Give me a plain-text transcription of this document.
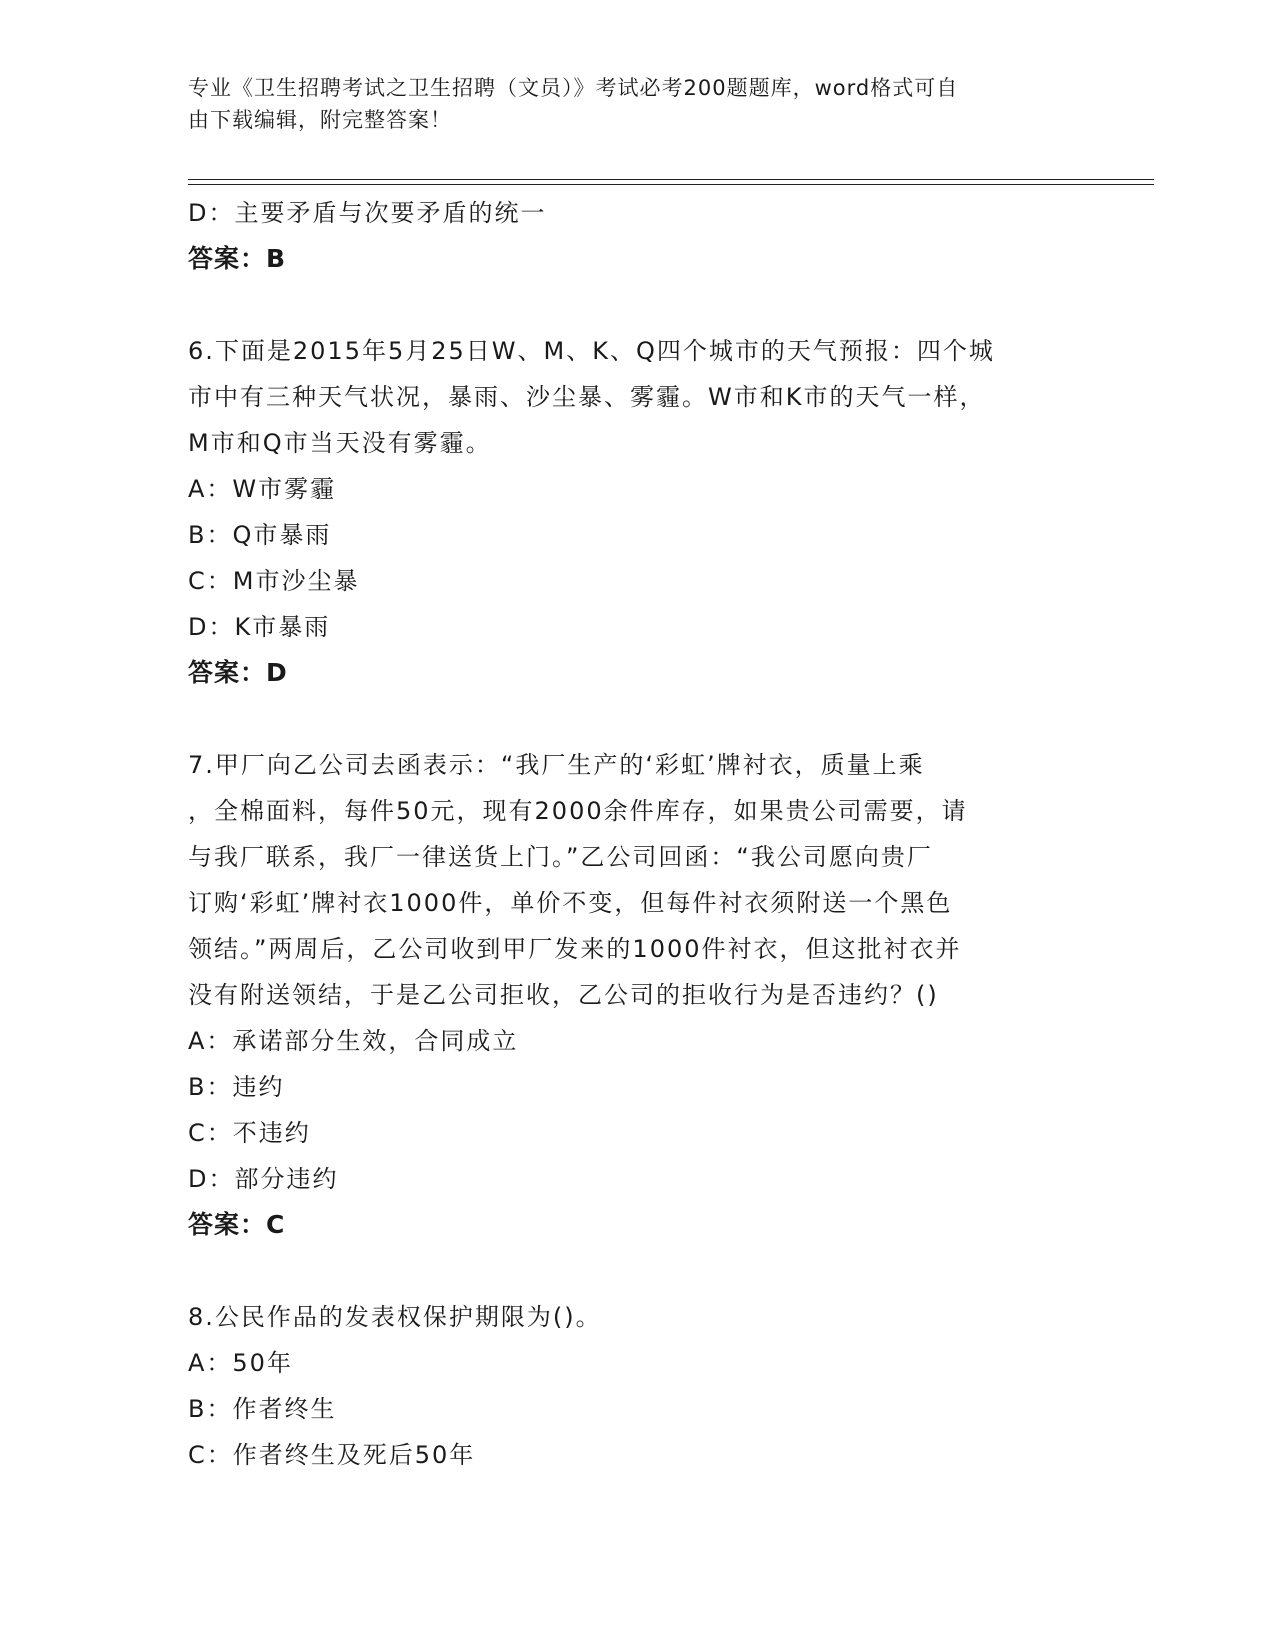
专业《卫生招聘考试之卫生招聘（文员）》考试必考200题题库，word格式可自
由下载编辑，附完整答案！
D：主要矛盾与次要矛盾的统一
答案：B
6.下面是2015年5月25日W、M、K、Q四个城市的天气预报：四个城
市中有三种天气状况，暴雨、沙尘暴、雾霾。W市和K市的天气一样，
M市和Q市当天没有雾霾。
A：W市雾霾
B：Q市暴雨
C：M市沙尘暴
D：K市暴雨
答案：D
7.甲厂向乙公司去函表示：“我厂生产的‘彩虹’牌衬衣，质量上乘
，全棉面料，每件50元，现有2000余件库存，如果贵公司需要，请
与我厂联系，我厂一律送货上门。”乙公司回函：“我公司愿向贵厂
订购‘彩虹’牌衬衣1000件，单价不变，但每件衬衣须附送一个黑色
领结。”两周后，乙公司收到甲厂发来的1000件衬衣，但这批衬衣并
没有附送领结，于是乙公司拒收，乙公司的拒收行为是否违约？()
A：承诺部分生效，合同成立
B：违约
C：不违约
D：部分违约
答案：C
8.公民作品的发表权保护期限为()。
A：50年
B：作者终生
C：作者终生及死后50年
